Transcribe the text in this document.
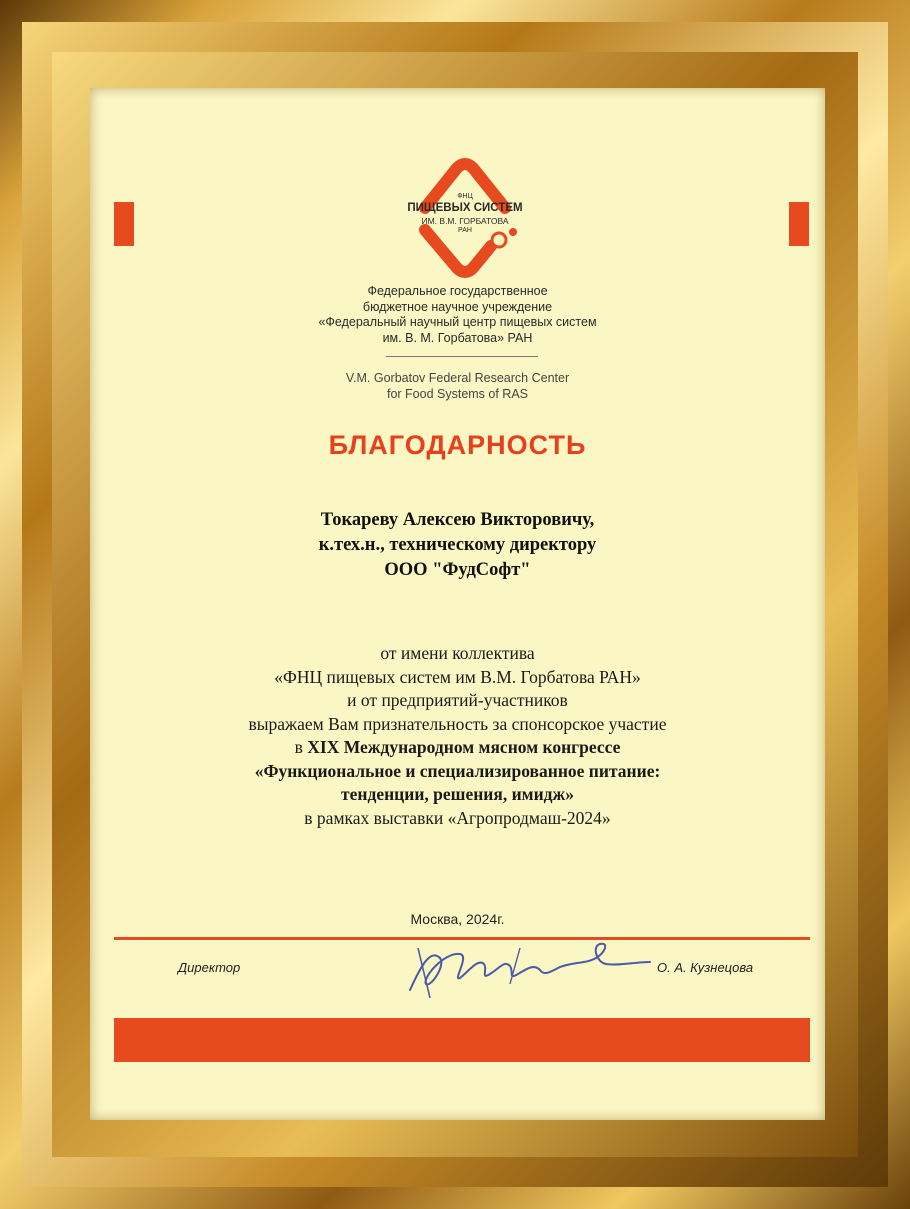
ФНЦ
ПИЩЕВЫХ СИСТЕМ
ИМ. В.М. ГОРБАТОВА
РАН
Федеральное государственное
бюджетное научное учреждение
«Федеральный научный центр пищевых систем
им. В. М. Горбатова» РАН
V.M. Gorbatov Federal Research Center
for Food Systems of RAS
БЛАГОДАРНОСТЬ
Токареву Алексею Викторовичу,
к.тех.н., техническому директору
ООО "ФудСофт"
от имени коллектива
«ФНЦ пищевых систем им В.М. Горбатова РАН»
и от предприятий-участников
выражаем Вам признательность за спонсорское участие
в XIX Международном мясном конгрессе
«Функциональное и специализированное питание:
тенденции, решения, имидж»
в рамках выставки «Агропродмаш-2024»
Москва, 2024г.
Директор	О. А. Кузнецова
